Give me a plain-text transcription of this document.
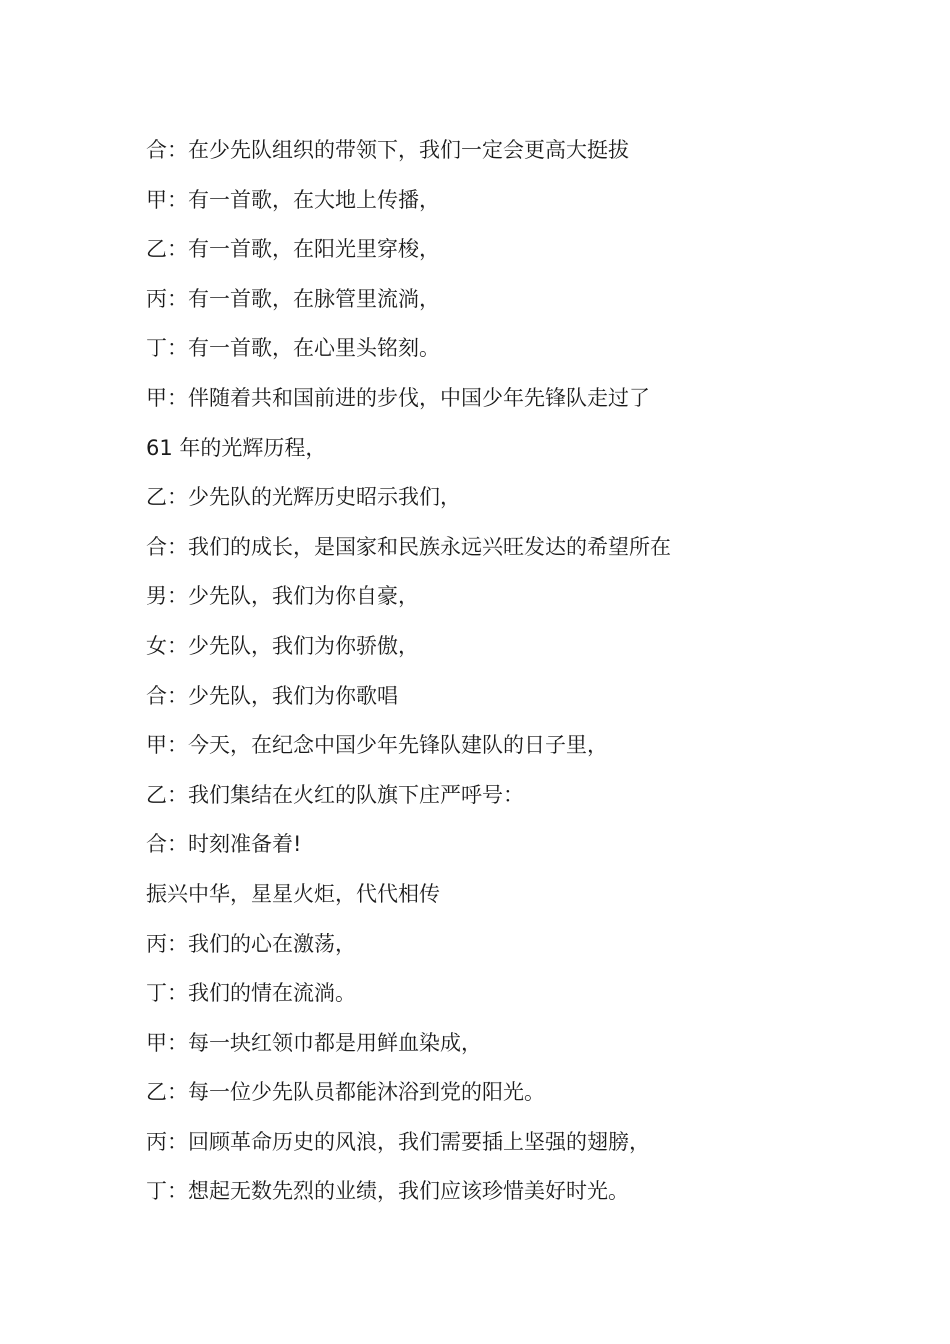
合：在少先队组织的带领下，我们一定会更高大挺拔
甲：有一首歌，在大地上传播，
乙：有一首歌，在阳光里穿梭，
丙：有一首歌，在脉管里流淌，
丁：有一首歌，在心里头铭刻。
甲：伴随着共和国前进的步伐，中国少年先锋队走过了
61 年的光辉历程，
乙：少先队的光辉历史昭示我们，
合：我们的成长，是国家和民族永远兴旺发达的希望所在
男：少先队，我们为你自豪，
女：少先队，我们为你骄傲，
合：少先队，我们为你歌唱
甲：今天，在纪念中国少年先锋队建队的日子里，
乙：我们集结在火红的队旗下庄严呼号：
合：时刻准备着!
振兴中华，星星火炬，代代相传
丙：我们的心在激荡，
丁：我们的情在流淌。
甲：每一块红领巾都是用鲜血染成，
乙：每一位少先队员都能沐浴到党的阳光。
丙：回顾革命历史的风浪，我们需要插上坚强的翅膀，
丁：想起无数先烈的业绩，我们应该珍惜美好时光。
